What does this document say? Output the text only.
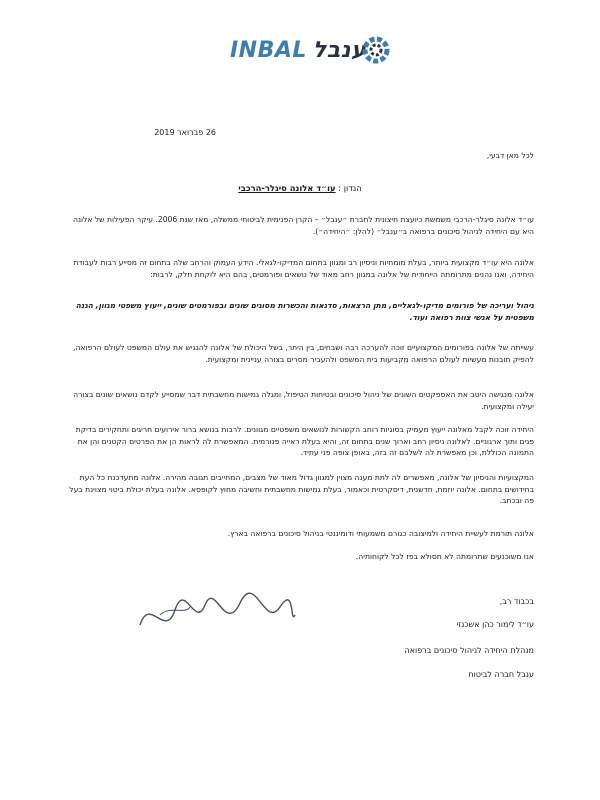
INBAL ענבל
26 פברואר 2019
לכל מאן דבעי,
הנדון : עו״ד אלונה סיגלר-הרכבי
עו״ד אלונה סיגלר-הרכבי משמשת כיועצת חיצונית לחברת ״ענבל״ – הקרן הפנימית לביטוחי ממשלה, מאז שנת 2006. עיקר הפעילות של אלונה היא עם היחידה לניהול סיכונים ברפואה ב״ענבל״ (להלן: ״היחידה״).
אלונה היא עו״ד מקצועית ביותר, בעלת מומחיות וניסיון רב ומגוון בתחום המדיקו-לגאלי. הידע העמוק והרחב שלה בתחום זה מסייע רבות לעבודת היחידה, ואנו נהנים מתרומתה הייחודית של אלונה במגוון רחב מאוד של נושאים ופורמטים, בהם היא לוקחת חלק, לרבות:
ניהול ועריכה של פורומים מדיקו-לגאליים, מתן הרצאות, סדנאות והכשרות מסוגים שונים ובפורמטים שונים, ייעוץ משפטי מגוון, הגנה משפטית על אנשי צוות רפואה ועוד.
עשייתה של אלונה בפורומים המקצועיים זוכה להערכה רבה ושבחים, בין היתר, בשל היכולת של אלונה להנגיש את עולם המשפט לעולם הרפואה, להפיק תובנות מעשיות לעולם הרפואה מקביעות בית המשפט ולהעביר מסרים בצורה עניינית ומקצועית.
אלונה מנגישה היטב את האספקטים השונים של ניהול סיכונים ובטיחות הטיפול, ומגלה גמישות מחשבתית דבר שמסייע לקדם נושאים שונים בצורה יעילה ומקצועית.
היחידה זוכה לקבל מאלונה ייעוץ מעמיק בסוגיות רוחב הקשורות לנושאים משפטיים מגוונים. לרבות בנושא ברור אירועים חריגים ותחקירים בדיקת פנים ותוך ארגוניים. לאלונה ניסיון רחב וארוך שנים בתחום זה, והיא בעלת ראייה פנורמית. המאפשרת לה לראות הן את הפרטים הקטנים והן את התמונה הכוללת, וכן מאפשרת לה לשלבם זה בזה, באופן צופה פני עתיד.
המקצועיות והניסיון של אלונה, מאפשרים לה לתת מענה מצוין למגוון גדול מאוד של מצבים, המחייבים תגובה מהירה. אלונה מתעדכנת כל העת בחידושים בתחום. אלונה יוזמת, חדשנית, דיסקרטית וכאמור, בעלת גמישות מחשבתית וחשיבה מחוץ לקופסא. אלונה בעלת יכולת ביטוי מצוינת בעל פה ובכתב.
אלונה תורמת לעשיית היחידה ולמיצובה כגורם משמעותי ודומיננטי בניהול סיכונים ברפואה בארץ.
אנו משוכנעים שתרומתה לא תסולא בפז לכל לקוחותיה.
בכבוד רב,
עו״ד לימור כהן אשכנזי
מנהלת היחידה לניהול סיכונים ברפואה
ענבל חברה לביטוח
